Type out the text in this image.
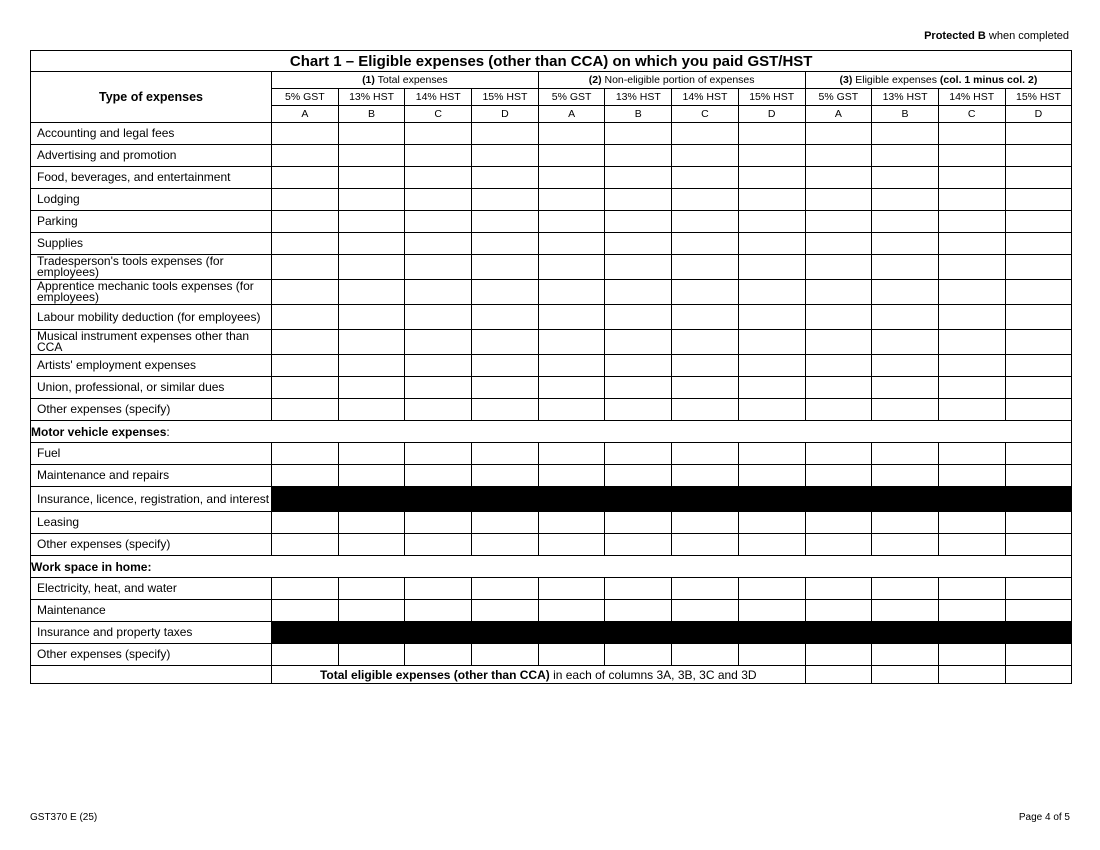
Protected B when completed
Chart 1 – Eligible expenses (other than CCA) on which you paid GST/HST												
Type of expenses	(1) Total expenses				(2) Non-eligible portion of expenses				(3) Eligible expenses (col. 1 minus col. 2)			
	5% GST	13% HST	14% HST	15% HST	5% GST	13% HST	14% HST	15% HST	5% GST	13% HST	14% HST	15% HST
	A	B	C	D	A	B	C	D	A	B	C	D
Accounting and legal fees												
Advertising and promotion												
Food, beverages, and entertainment												
Lodging												
Parking												
Supplies												
Tradesperson's tools expenses (for employees)												
Apprentice mechanic tools expenses (for employees)												
Labour mobility deduction (for employees)												
Musical instrument expenses other than CCA												
Artists' employment expenses												
Union, professional, or similar dues												
Other expenses (specify)												
Motor vehicle expenses:												
Fuel												
Maintenance and repairs												
Insurance, licence, registration, and interest												
Leasing												
Other expenses (specify)												
Work space in home:												
Electricity, heat, and water												
Maintenance												
Insurance and property taxes												
Other expenses (specify)												
	Total eligible expenses (other than CCA) in each of columns 3A, 3B, 3C and 3D											
GST370 E (25)	Page 4 of 5
